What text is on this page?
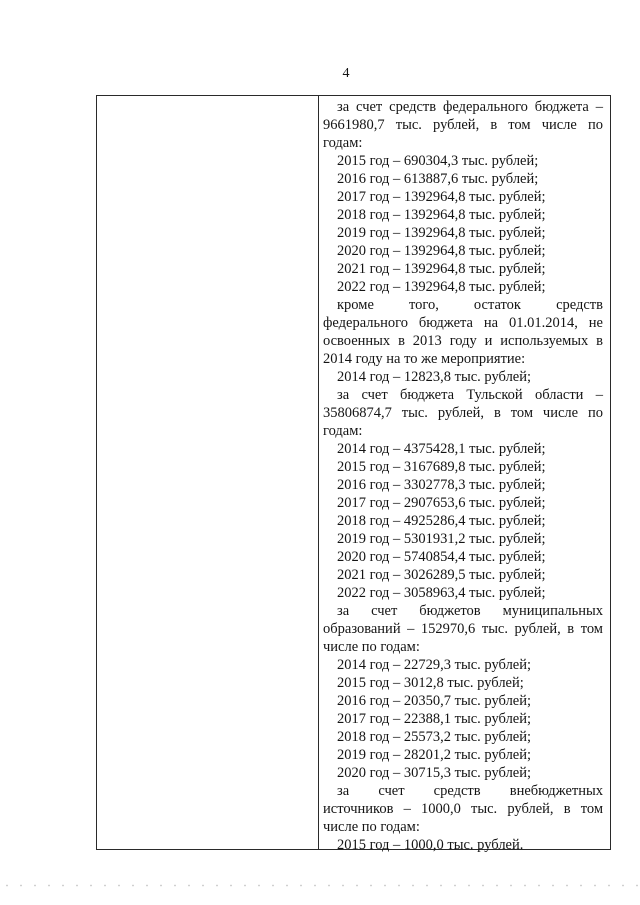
4
за счет средств федерального бюджета –
9661980,7 тыс. рублей, в том числе по
годам:
2015 год – 690304,3 тыс. рублей;
2016 год – 613887,6 тыс. рублей;
2017 год – 1392964,8 тыс. рублей;
2018 год – 1392964,8 тыс. рублей;
2019 год – 1392964,8 тыс. рублей;
2020 год – 1392964,8 тыс. рублей;
2021 год – 1392964,8 тыс. рублей;
2022 год – 1392964,8 тыс. рублей;
кроме того, остаток средств
федерального бюджета на 01.01.2014, не
освоенных в 2013 году и используемых в
2014 году на то же мероприятие:
2014 год – 12823,8 тыс. рублей;
за счет бюджета Тульской области –
35806874,7 тыс. рублей, в том числе по
годам:
2014 год – 4375428,1 тыс. рублей;
2015 год – 3167689,8 тыс. рублей;
2016 год – 3302778,3 тыс. рублей;
2017 год – 2907653,6 тыс. рублей;
2018 год – 4925286,4 тыс. рублей;
2019 год – 5301931,2 тыс. рублей;
2020 год – 5740854,4 тыс. рублей;
2021 год – 3026289,5 тыс. рублей;
2022 год – 3058963,4 тыс. рублей;
за счет бюджетов муниципальных
образований – 152970,6 тыс. рублей, в том
числе по годам:
2014 год – 22729,3 тыс. рублей;
2015 год – 3012,8 тыс. рублей;
2016 год – 20350,7 тыс. рублей;
2017 год – 22388,1 тыс. рублей;
2018 год – 25573,2 тыс. рублей;
2019 год – 28201,2 тыс. рублей;
2020 год – 30715,3 тыс. рублей;
за счет средств внебюджетных
источников – 1000,0 тыс. рублей, в том
числе по годам:
2015 год – 1000,0 тыс. рублей.
